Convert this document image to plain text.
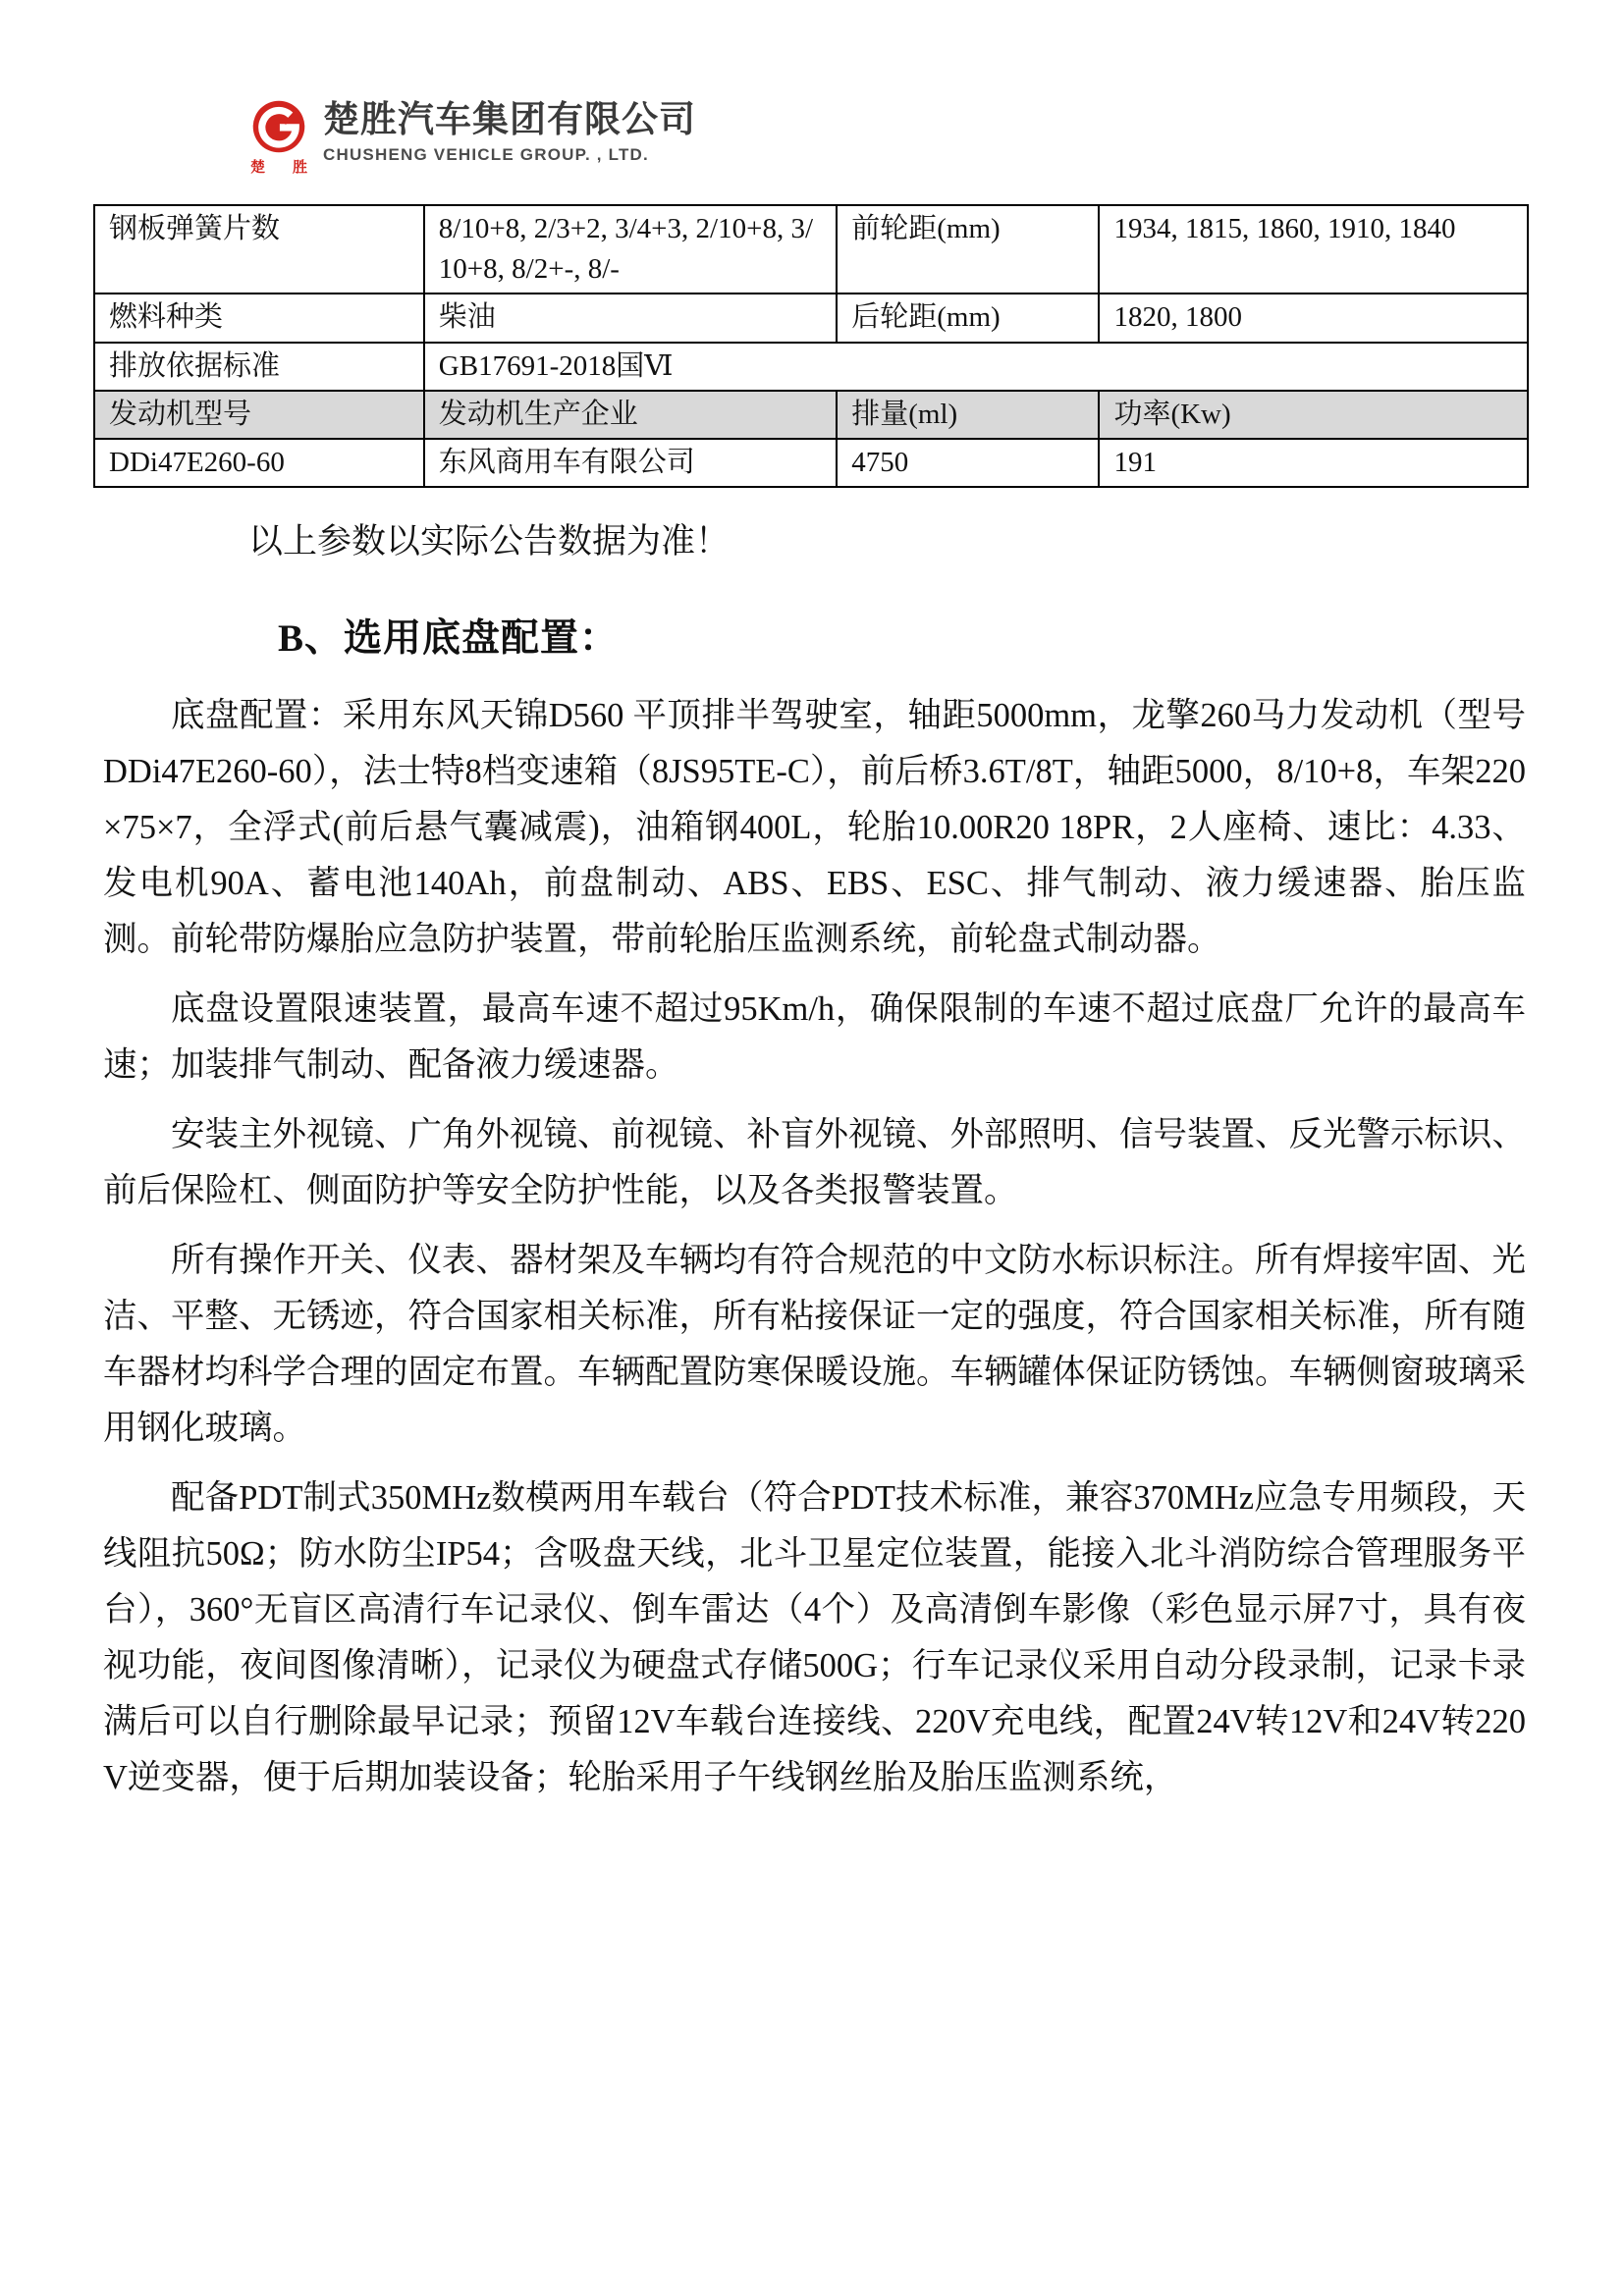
楚 胜
楚胜汽车集团有限公司
CHUSHENG VEHICLE GROUP. , LTD.
钢板弹簧片数	8/10+8, 2/3+2, 3/4+3, 2/10+8, 3/10+8, 8/2+-, 8/-	前轮距(mm)	1934, 1815, 1860, 1910, 1840
燃料种类	柴油	后轮距(mm)	1820, 1800
排放依据标准	GB17691-2018国Ⅵ		
发动机型号	发动机生产企业	排量(ml)	功率(Kw)
DDi47E260-60	东风商用车有限公司	4750	191
以上参数以实际公告数据为准！
B、选用底盘配置：

底盘配置：采用东风天锦D560 平顶排半驾驶室，轴距5000mm，龙擎260马力发动机（型号DDi47E260-60），法士特8档变速箱（8JS95TE-C），前后桥3.6T/8T，轴距5000，8/10+8，车架220×75×7，全浮式(前后悬气囊减震)，油箱钢400L，轮胎10.00R20 18PR，2人座椅、速比：4.33、发电机90A、蓄电池140Ah，前盘制动、ABS、EBS、ESC、排气制动、液力缓速器、胎压监测。前轮带防爆胎应急防护装置，带前轮胎压监测系统，前轮盘式制动器。

底盘设置限速装置，最高车速不超过95Km/h，确保限制的车速不超过底盘厂允许的最高车速；加装排气制动、配备液力缓速器。

安装主外视镜、广角外视镜、前视镜、补盲外视镜、外部照明、信号装置、反光警示标识、前后保险杠、侧面防护等安全防护性能，以及各类报警装置。

所有操作开关、仪表、器材架及车辆均有符合规范的中文防水标识标注。所有焊接牢固、光洁、平整、无锈迹，符合国家相关标准，所有粘接保证一定的强度，符合国家相关标准，所有随车器材均科学合理的固定布置。车辆配置防寒保暖设施。车辆罐体保证防锈蚀。车辆侧窗玻璃采用钢化玻璃。

配备PDT制式350MHz数模两用车载台（符合PDT技术标准，兼容370MHz应急专用频段，天线阻抗50Ω；防水防尘IP54；含吸盘天线，北斗卫星定位装置，能接入北斗消防综合管理服务平台），360°无盲区高清行车记录仪、倒车雷达（4个）及高清倒车影像（彩色显示屏7寸，具有夜视功能，夜间图像清晰），记录仪为硬盘式存储500G；行车记录仪采用自动分段录制，记录卡录满后可以自行删除最早记录；预留12V车载台连接线、220V充电线，配置24V转12V和24V转220V逆变器，便于后期加装设备；轮胎采用子午线钢丝胎及胎压监测系统，
